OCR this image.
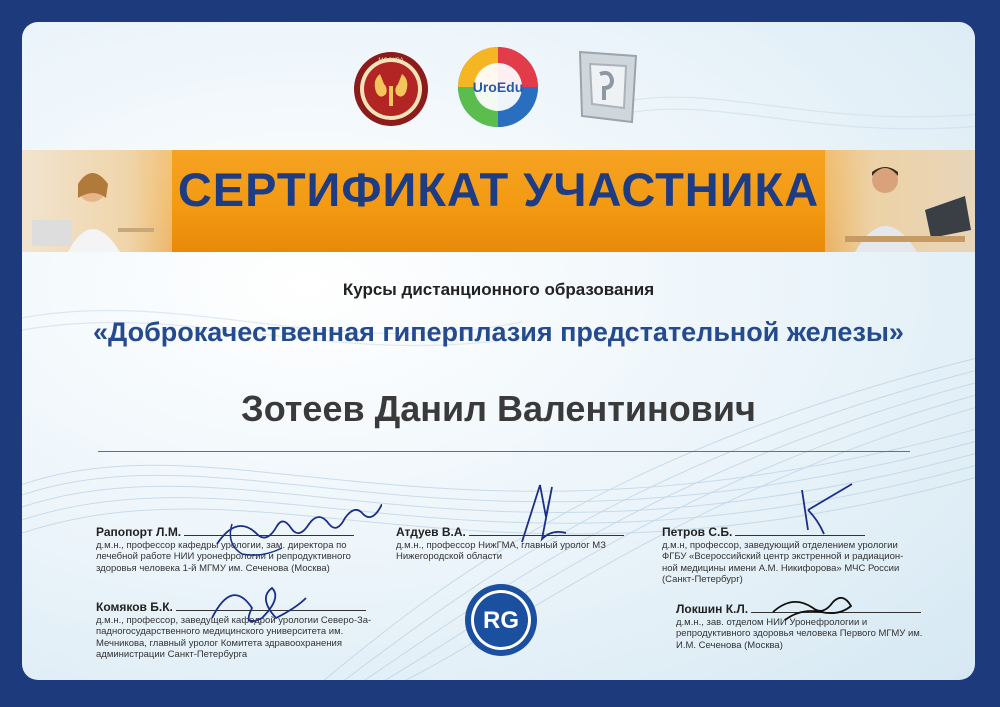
МОСКВА
UroEdu
СЕРТИФИКАТ УЧАСТНИКА
Курсы дистанционного образования
«Доброкачественная гиперплазия предстательной железы»
Зотеев Данил Валентинович
Рапопорт Л.М.
д.м.н., профессор кафедры урологии, зам. директора по лечебной работе НИИ уронефрологии и репродуктивного здоровья человека 1-й МГМУ им. Сеченова (Москва)
Атдуев В.А.
д.м.н., профессор НижГМА, главный уролог МЗ Нижегородской области
Петров С.Б.
д.м.н, профессор, заведующий отделением урологии ФГБУ «Всероссийский центр экстренной и радиацион-ной медицины имени А.М. Никифорова» МЧС России (Санкт-Петербург)
Комяков Б.К.
д.м.н., профессор, заведущей кафедрой урологии Северо-За-падногосударственного медицинского университета им. Мечникова, главный уролог Комитета здравоохранения администрации Санкт-Петербурга
Локшин К.Л.
д.м.н., зав. отделом НИИ Уронефрологии и репродуктивного здоровья человека Первого МГМУ им. И.М. Сеченова (Москва)
RG
